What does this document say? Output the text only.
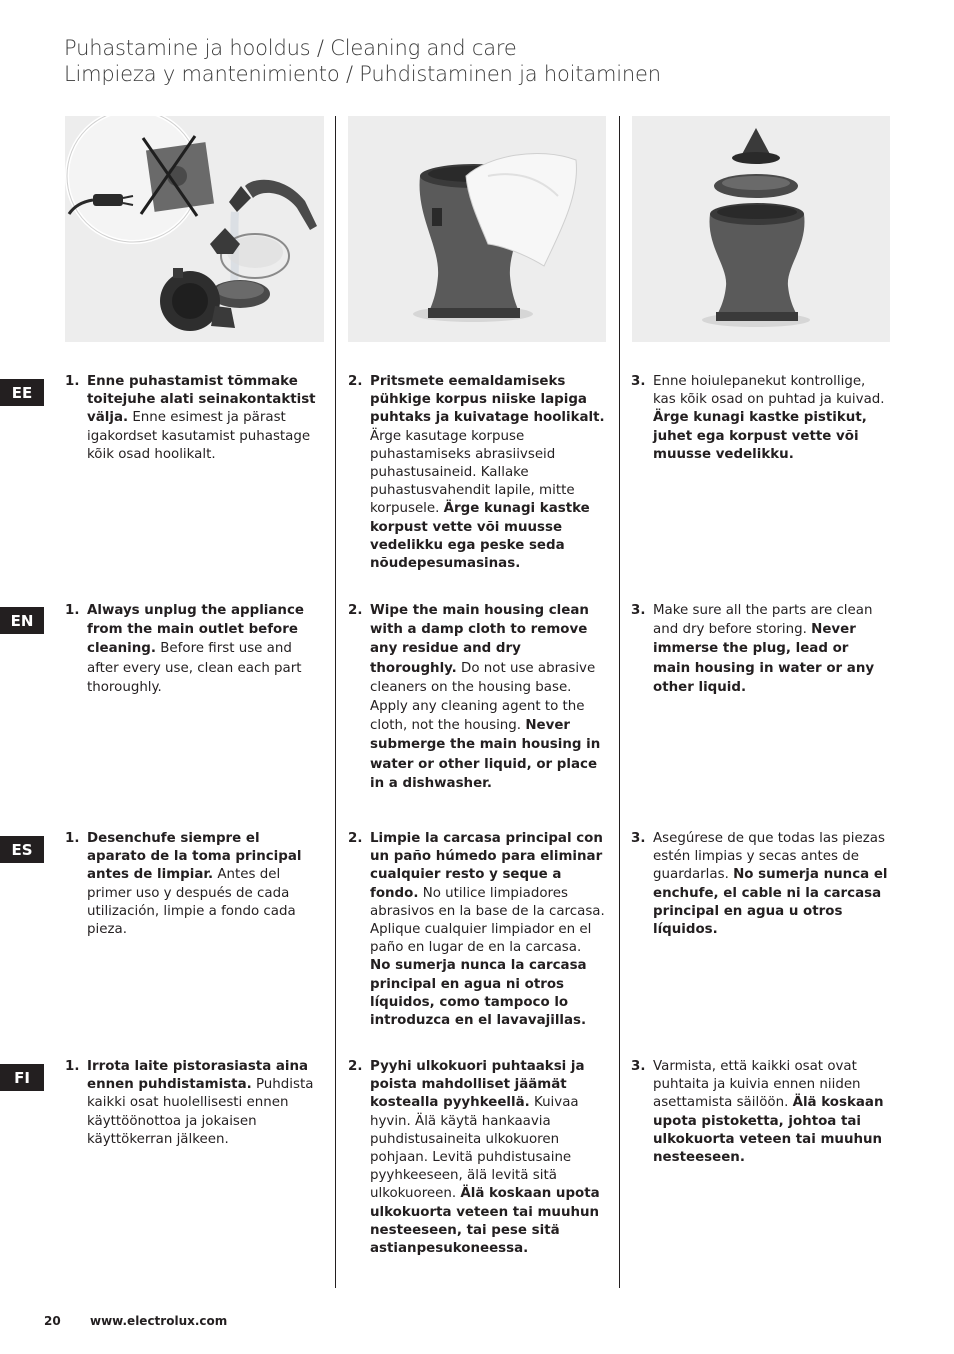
Puhastamine ja hooldus / Cleaning and care
Limpieza y mantenimiento / Puhdistaminen ja hoitaminen
EE
1. Enne puhastamist tõmmake toitejuhe alati seinakontaktist välja. Enne esimest ja pärast igakordset kasutamist puhastage kõik osad hoolikalt.
2. Pritsmete eemaldamiseks pühkige korpus niiske lapiga puhtaks ja kuivatage hoolikalt. Ärge kasutage korpuse puhastamiseks abrasiivseid puhastusaineid. Kallake puhastusvahendit lapile, mitte korpusele. Ärge kunagi kastke korpust vette või muusse vedelikku ega peske seda nõudepesumasinas.
3. Enne hoiulepanekut kontrollige, kas kõik osad on puhtad ja kuivad. Ärge kunagi kastke pistikut, juhet ega korpust vette või muusse vedelikku.
EN
1. Always unplug the appliance from the main outlet before cleaning. Before first use and after every use, clean each part thoroughly.
2. Wipe the main housing clean with a damp cloth to remove any residue and dry thoroughly. Do not use abrasive cleaners on the housing base. Apply any cleaning agent to the cloth, not the housing. Never submerge the main housing in water or other liquid, or place in a dishwasher.
3. Make sure all the parts are clean and dry before storing. Never immerse the plug, lead or main housing in water or any other liquid.
ES
1. Desenchufe siempre el aparato de la toma principal antes de limpiar. Antes del primer uso y después de cada utilización, limpie a fondo cada pieza.
2. Limpie la carcasa principal con un paño húmedo para eliminar cualquier resto y seque a fondo. No utilice limpiadores abrasivos en la base de la carcasa. Aplique cualquier limpiador en el paño en lugar de en la carcasa. No sumerja nunca la carcasa principal en agua ni otros líquidos, como tampoco lo introduzca en el lavavajillas.
3. Asegúrese de que todas las piezas estén limpias y secas antes de guardarlas. No sumerja nunca el enchufe, el cable ni la carcasa principal en agua u otros líquidos.
FI
1. Irrota laite pistorasiasta aina ennen puhdistamista. Puhdista kaikki osat huolellisesti ennen käyttöönottoa ja jokaisen käyttökerran jälkeen.
2. Pyyhi ulkokuori puhtaaksi ja poista mahdolliset jäämät kostealla pyyhkeellä. Kuivaa hyvin. Älä käytä hankaavia puhdistusaineita ulkokuoren pohjaan. Levitä puhdistusaine pyyhkeeseen, älä levitä sitä ulkokuoreen. Älä koskaan upota ulkokuorta veteen tai muuhun nesteeseen, tai pese sitä astianpesukoneessa.
3. Varmista, että kaikki osat ovat puhtaita ja kuivia ennen niiden asettamista säilöön. Älä koskaan upota pistoketta, johtoa tai ulkokuorta veteen tai muuhun nesteeseen.
20 www.electrolux.com
